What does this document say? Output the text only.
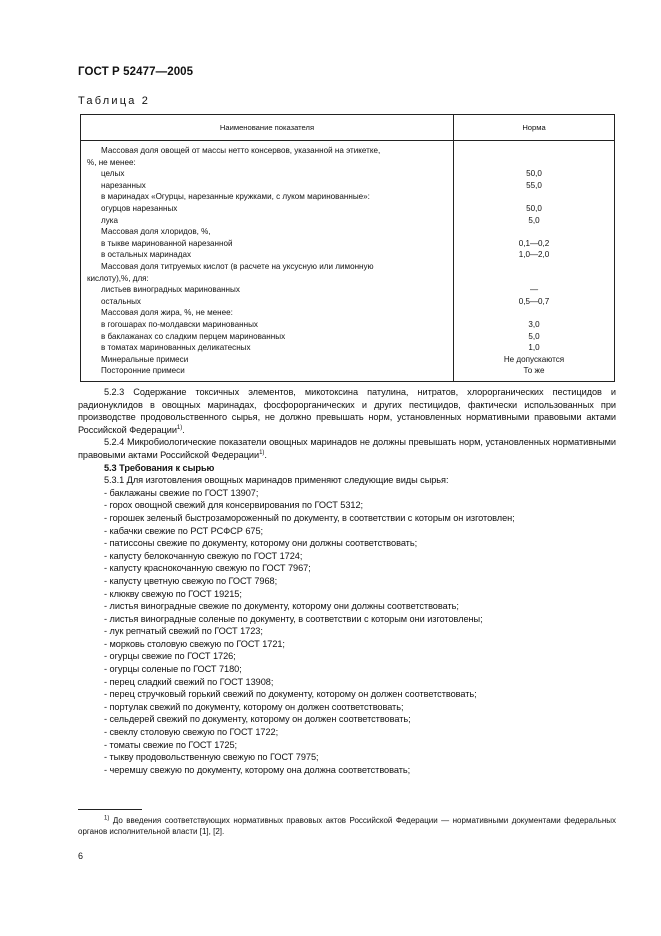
ГОСТ Р 52477—2005
Таблица 2
Наименование показателя	Норма
Массовая доля овощей от массы нетто консервов, указанной на этикетке,	
%, не менее:	
целых	50,0
нарезанных	55,0
в маринадах «Огурцы, нарезанные кружками, с луком маринованные»:	
огурцов нарезанных	50,0
лука	5,0
Массовая доля хлоридов, %,	
в тыкве маринованной нарезанной	0,1—0,2
в остальных маринадах	1,0—2,0
Массовая доля титруемых кислот (в расчете на уксусную или лимонную	
кислоту),%, для:	
листьев виноградных маринованных	—
остальных	0,5—0,7
Массовая доля жира, %, не менее:	
в гогошарах по-молдавски маринованных	3,0
в баклажанах со сладким перцем маринованных	5,0
в томатах маринованных деликатесных	1,0
Минеральные примеси	Не допускаются
Посторонние примеси	То же

5.2.3 Содержание токсичных элементов, микотоксина патулина, нитратов, хлорорганических пестицидов и радионуклидов в овощных маринадах, фосфорорганических и других пестицидов, фактически использованных при производстве продовольственного сырья, не должно превышать норм, установленных нормативными правовыми актами Российской Федерации$^{1)}$.

5.2.4 Микробиологические показатели овощных маринадов не должны превышать норм, установленных нормативными правовыми актами Российской Федерации$^{1)}$.

5.3 Требования к сырью

5.3.1 Для изготовления овощных маринадов применяют следующие виды сырья:

- баклажаны свежие по ГОСТ 13907;
- горох овощной свежий для консервирования по ГОСТ 5312;
- горошек зеленый быстрозамороженный по документу, в соответствии с которым он изготовлен;
- кабачки свежие по РСТ РСФСР 675;
- патиссоны свежие по документу, которому они должны соответствовать;
- капусту белокочанную свежую по ГОСТ 1724;
- капусту краснокочанную свежую по ГОСТ 7967;
- капусту цветную свежую по ГОСТ 7968;
- клюкву свежую по ГОСТ 19215;
- листья виноградные свежие по документу, которому они должны соответствовать;
- листья виноградные соленые по документу, в соответствии с которым они изготовлены;
- лук репчатый свежий по ГОСТ 1723;
- морковь столовую свежую по ГОСТ 1721;
- огурцы свежие по ГОСТ 1726;
- огурцы соленые по ГОСТ 7180;
- перец сладкий свежий по ГОСТ 13908;
- перец стручковый горький свежий по документу, которому он должен соответствовать;
- портулак свежий по документу, которому он должен соответствовать;
- сельдерей свежий по документу, которому он должен соответствовать;
- свеклу столовую свежую по ГОСТ 1722;
- томаты свежие по ГОСТ 1725;
- тыкву продовольственную свежую по ГОСТ 7975;
- черемшу свежую по документу, которому она должна соответствовать;
$^{1)}$ До введения соответствующих нормативных правовых актов Российской Федерации — нормативными документами федеральных органов исполнительной власти [1], [2].
6
